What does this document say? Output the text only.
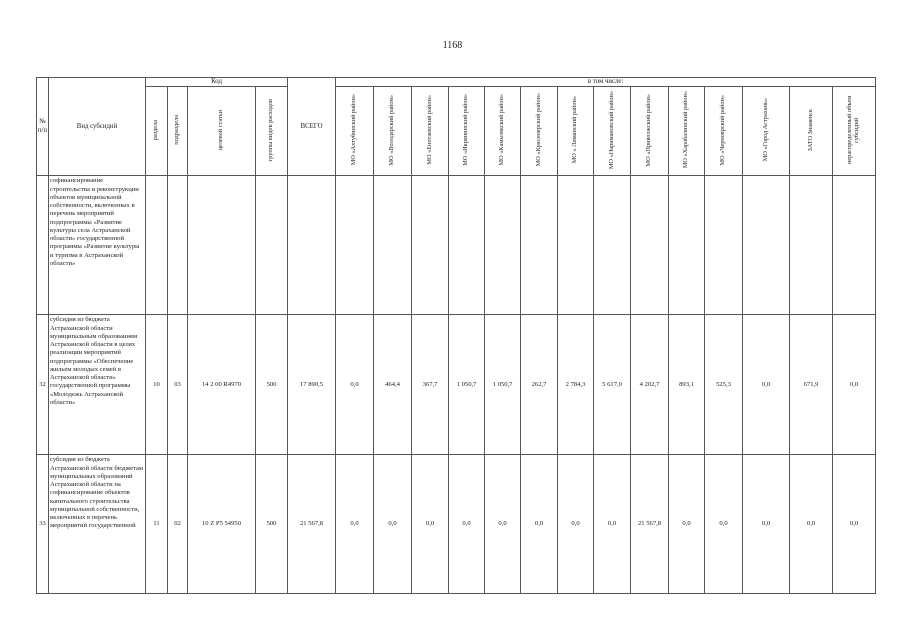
1168
№ п/п	Вид субсидий	Код				ВСЕГО	в том числе:													
		раздела	подраздела	целевой статьи	группы видов расходов		МО «Ахтубинский район»	МО «Володарский район»	МО «Енотаевский район»	МО «Икрянинский район»	МО «Камызякский район»	МО «Красноярский район»	МО « Лиманский район»	МО «Наримановский район»	МО «Приволжский район»	МО «Харабалинский район»	МО «Черноярский район»	МО «Город Астрахань»	ЗАТО Знаменск	нераспределенный объем субсидий
	софинансирование строительства и реконструкции объектов муниципальной собственности, включенных в перечень мероприятий подпрограммы «Развитие культуры села Астраханской области» государственной программы «Развитие культуры и туризма в Астраханской области»																			
32	субсидия из бюджета Астраханской области муниципальным образованиям Астраханской области в целях реализации мероприятий подпрограммы «Обеспечение жильем молодых семей в Астраханской области» государственной программы «Молодежь Астраханской области»	10	03	14 2 00 R4970	500	17 890,5	0,0	464,4	367,7	1 050,7	1 050,7	262,7	2 784,3	5 617,0	4 202,7	893,1	525,3	0,0	671,9	0,0
33	субсидия из бюджета Астраханской области бюджетам муниципальных образований Астраханской области на софинансирование объектов капитального строительства муниципальной собственности, включенных в перечень мероприятий государственной	11	02	10 Z P5 54950	500	21 567,8	0,0	0,0	0,0	0,0	0,0	0,0	0,0	0,0	21 567,8	0,0	0,0	0,0	0,0	0,0
